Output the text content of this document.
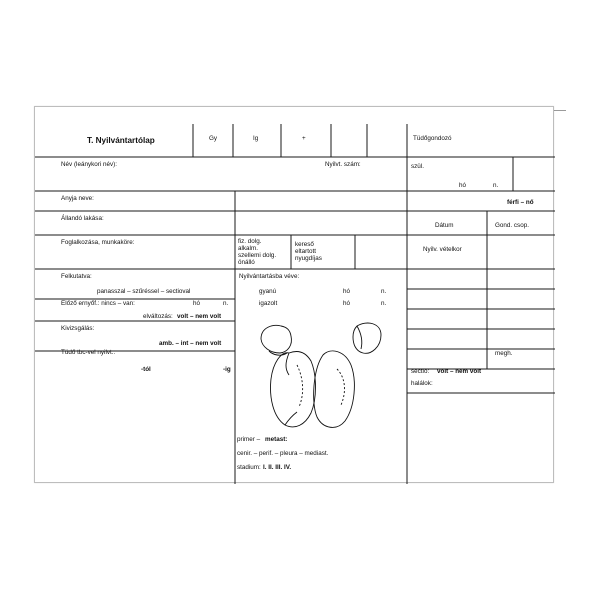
T. Nyilvántartólap	Gy	Ig	+	Tüdőgondozó
Név (leánykori név):	Nyilvt. szám:
Anyja neve:
Állandó lakása:
Foglalkozása, munkaköre:	fiz. dolg.
alkalm.
szellemi dolg.
önálló
kereső
eltartott
nyugdíjas
Felkutatva:
panasszal – szűréssel – sectioval
Előző ernyőf.: nincs – van:	hó	n.
elváltozás: volt – nem volt
Kivizsgálás:
amb. – int – nem volt
Tüdő tbc-vel nyilvt.:
-tól	-ig
Nyilvántartásba véve:
gyanú	hó	n.
igazolt	hó	n.
primer – metast:
cenir. – perif. – pleura – mediast.
stadium: I. II. III. IV.
szül.
hó	n.
férfi – nő
Dátum	Gond. csop.
Nyilv. vételkor
megh.
sectio: volt – nem volt
halálok:
